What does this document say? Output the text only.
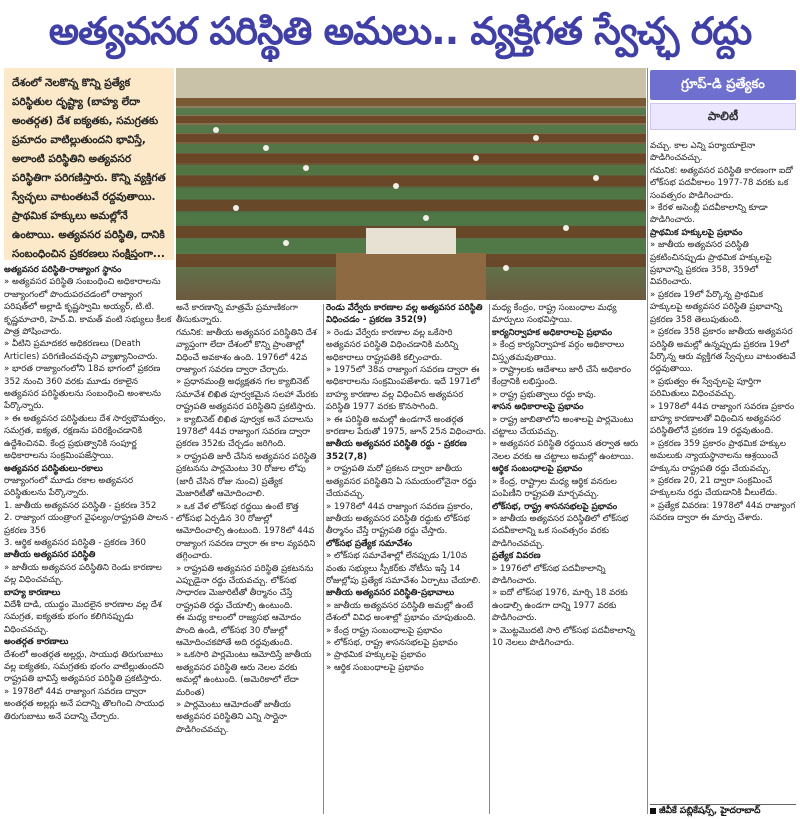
అత్యవసర పరిస్థితి అమలు.. వ్యక్తిగత స్వేచ్ఛ రద్దు
దేశంలో నెలకొన్న కొన్ని ప్రత్యేక పరిస్థితుల దృష్ట్యా (బాహ్య లేదా అంతర్గత) దేశ ఐక్యతకు, సమగ్రతకు ప్రమాదం వాటిల్లుతుందని భావిస్తే, అలాంటి పరిస్థితిని అత్యవసర పరిస్థితిగా పరిగణిస్తారు. కొన్ని వ్యక్తిగత స్వేచ్ఛలు వాటంతటవే రద్దవుతాయి. ప్రాథమిక హక్కులు అమల్లోనే ఉంటాయి. అత్యవసర పరిస్థితి, దానికి సంబంధించిన ప్రకరణలు సంక్షిప్తంగా...
గ్రూప్-డి ప్రత్యేకం
పాలిటీ

అత్యవసర పరిస్థితి-రాజ్యాంగ స్థానం

» అత్యవసర పరిస్థితి సంబంధించి అధికారాలను రాజ్యాంగంలో పొందుపరచడంలో రాజ్యాంగ పరిషత్‌లో అల్లాడి కృష్ణస్వామి అయ్యర్, టి.టి. కృష్ణమాచారి, హెచ్.వి. కామత్ వంటి సభ్యులు కీలక పాత్ర పోషించారు.

» వీటిని ప్రమాదకర అధికరణలు (Death Articles) పరిగణించవచ్చని వ్యాఖ్యానించారు.

» భారత రాజ్యాంగంలోని 18వ భాగంలో ప్రకరణ 352 నుంచి 360 వరకు మూడు రకాలైన అత్యవసర పరిస్థితులను సంబంధించి అంశాలను పేర్కొన్నారు.

» ఈ అత్యవసర పరిస్థితులు దేశ సార్వభౌమత్వం, సమగ్రత, ఐక్యత, రక్షణను పరిరక్షించడానికి ఉద్దేశించినవి. కేంద్ర ప్రభుత్వానికి సంపూర్ణ అధికారాలను సంక్రమింపజేస్తాయి.

అత్యవసర పరిస్థితులు-రకాలు

రాజ్యాంగంలో మూడు రకాల అత్యవసర పరిస్థితులను పేర్కొన్నారు.

1. జాతీయ అత్యవసర పరిస్థితి - ప్రకరణ 352

2. రాజ్యాంగ యంత్రాంగ వైఫల్యం/రాష్ట్రపతి పాలన - ప్రకరణ 356

3. ఆర్థిక అత్యవసర పరిస్థితి - ప్రకరణ 360

జాతీయ అత్యవసర పరిస్థితి

» జాతీయ అత్యవసర పరిస్థితిని రెండు కారణాల వల్ల విధించవచ్చు.

బాహ్య కారణాలు

విదేశీ దాడి, యుద్ధం మొదలైన కారణాల వల్ల దేశ సమగ్రత, ఐక్యతకు భంగం కలిగినప్పుడు విధించవచ్చు.

అంతర్గత కారణాలు

దేశంలో అంతర్గత అల్లర్లు, సాయుధ తిరుగుబాటు వల్ల ఐక్యతకు, సమగ్రతకు భంగం వాటిల్లుతుందని రాష్ట్రపతి భావిస్తే అత్యవసర పరిస్థితి ప్రకటిస్తారు.

» 1978లో 44వ రాజ్యాంగ సవరణ ద్వారా అంతర్గత అల్లర్లు అనే పదాన్ని తొలగించి సాయుధ తిరుగుబాటు అనే పదాన్ని చేర్చారు.

అనే కారణాన్ని మాత్రమే ప్రమాణికంగా తీసుకున్నారు.

గమనిక: జాతీయ అత్యవసర పరిస్థితిని దేశ వ్యాప్తంగా లేదా దేశంలో కొన్ని ప్రాంతాల్లో విధించే అవకాశం ఉంది. 1976లో 42వ రాజ్యాంగ సవరణ ద్వారా చేర్చారు.

» ప్రధానమంత్రి అధ్యక్షతన గల క్యాబినెట్ సమావేశ లిఖిత పూర్వకమైన సలహా మేరకు రాష్ట్రపతి అత్యవసర పరిస్థితిని ప్రకటిస్తారు.

» క్యాబినెట్ లిఖిత పూర్వక అనే పదాలను 1978లో 44వ రాజ్యాంగ సవరణ ద్వారా ప్రకరణ 352కు చేర్చడం జరిగింది.

» రాష్ట్రపతి జారీ చేసిన అత్యవసర పరిస్థితి ప్రకటనను పార్లమెంటు 30 రోజుల లోపు (జారీ చేసిన రోజు నుంచి) ప్రత్యేక మెజారిటీతో ఆమోదించాలి.

» ఒక వేళ లోక్‌సభ రద్దయి ఉంటే కొత్త లోక్‌సభ ఏర్పడిన 30 రోజుల్లో ఆమోదించాల్సి ఉంటుంది. 1978లో 44వ రాజ్యాంగ సవరణ ద్వారా ఈ కాల వ్యవధిని తగ్గించారు.

» రాష్ట్రపతి అత్యవసర పరిస్థితి ప్రకటనను ఎప్పుడైనా రద్దు చేయవచ్చు. లోక్‌సభ సాధారణ మెజారిటీతో తీర్మానం చేస్తే రాష్ట్రపతి రద్దు చేయాల్సి ఉంటుంది.

ఈ మధ్య కాలంలో రాజ్యసభ ఆమోదం పొంది ఉండి, లోక్‌సభ 30 రోజుల్లో ఆమోదించకపోతే అది రద్దవుతుంది.

» ఒకసారి పార్లమెంటు ఆమోదిస్తే జాతీయ అత్యవసర పరిస్థితి ఆరు నెలల వరకు అమల్లో ఉంటుంది. (అమెరికాలో లేదా మరింత)

» పార్లమెంటు ఆమోదంతో జాతీయ అత్యవసర పరిస్థితిని ఎన్ని సార్లైనా పొడిగించవచ్చు.

రెండు వేర్వేరు కారణాల వల్ల అత్యవసర పరిస్థితి విధించడం - ప్రకరణ 352(9)

» రెండు వేర్వేరు కారణాల వల్ల ఒకేసారి అత్యవసర పరిస్థితి విధించడానికి మరిన్ని అధికారాలు రాష్ట్రపతికి కల్పించారు.

» 1975లో 38వ రాజ్యాంగ సవరణ ద్వారా ఈ అధికారాలను సంక్రమింపజేశారు. ఇదే 1971లో బాహ్య కారణాల వల్ల విధించిన అత్యవసర పరిస్థితి 1977 వరకు కొనసాగింది.

» ఈ పరిస్థితి అమల్లో ఉండగానే అంతర్గత కారణాల పేరుతో 1975, జూన్ 25న విధించారు.

జాతీయ అత్యవసర పరిస్థితి రద్దు - ప్రకరణ 352(7,8)

» రాష్ట్రపతి మరో ప్రకటన ద్వారా జాతీయ అత్యవసర పరిస్థితిని ఏ సమయంలోనైనా రద్దు చేయవచ్చు.

» 1978లో 44వ రాజ్యాంగ సవరణ ప్రకారం, జాతీయ అత్యవసర పరిస్థితి రద్దుకు లోక్‌సభ తీర్మానం చేస్తే రాష్ట్రపతి రద్దు చేస్తారు.

లోక్‌సభ ప్రత్యేక సమావేశం

» లోక్‌సభ సమావేశాల్లో లేనప్పుడు 1/10వ వంతు సభ్యులు స్పీకర్‌కు నోటీసు ఇస్తే 14 రోజుల్లోపు ప్రత్యేక సమావేశం ఏర్పాటు చేయాలి.

జాతీయ అత్యవసర పరిస్థితి-ప్రభావాలు

» జాతీయ అత్యవసర పరిస్థితి అమల్లో ఉంటే దేశంలో వివిధ అంశాల్లో ప్రభావం చూపుతుంది.

» కేంద్ర రాష్ట్ర సంబంధాలపై ప్రభావం

» లోక్‌సభ, రాష్ట్ర శాసనసభలపై ప్రభావం

» ప్రాథమిక హక్కులపై ప్రభావం

» ఆర్థిక సంబంధాలపై ప్రభావం

మధ్య కేంద్రం, రాష్ట్ర సంబంధాల మధ్య మార్పులు సంభవిస్తాయి.

కార్యనిర్వాహక అధికారాలపై ప్రభావం

» కేంద్ర కార్యనిర్వాహక వర్గం అధికారాలు విస్తృతమవుతాయి.

» రాష్ట్రాలకు ఆదేశాలు జారీ చేసే అధికారం కేంద్రానికి లభిస్తుంది.

» రాష్ట్ర ప్రభుత్వాలు రద్దు కావు.

శాసన అధికారాలపై ప్రభావం

» రాష్ట్ర జాబితాలోని అంశాలపై పార్లమెంటు చట్టాలు చేయవచ్చు.

» అత్యవసర పరిస్థితి రద్దయిన తర్వాత ఆరు నెలల వరకు ఆ చట్టాలు అమల్లో ఉంటాయి.

ఆర్థిక సంబంధాలపై ప్రభావం

» కేంద్ర, రాష్ట్రాల మధ్య ఆర్థిక వనరుల పంపిణీని రాష్ట్రపతి మార్చవచ్చు.

లోక్‌సభ, రాష్ట్ర శాసనసభలపై ప్రభావం

» జాతీయ అత్యవసర పరిస్థితిలో లోక్‌సభ పదవీకాలాన్ని ఒక సంవత్సరం వరకు పొడిగించవచ్చు.

ప్రత్యేక వివరణ

» 1976లో లోక్‌సభ పదవీకాలాన్ని పొడిగించారు.

» ఐదో లోక్‌సభ 1976, మార్చి 18 వరకు ఉండాల్సి ఉండగా దాన్ని 1977 వరకు పొడిగించారు.

» మొట్టమొదటి సారి లోక్‌సభ పదవీకాలాన్ని 10 నెలలు పొడిగించారు.

వచ్చు. కాల ఎన్ని పర్యాయాలైనా పొడిగించవచ్చు.

గమనిక: అత్యవసర పరిస్థితి కారణంగా ఐదో లోక్‌సభ పదవీకాలం 1977-78 వరకు ఒక సంవత్సరం పొడిగించారు.

» కేరళ అసెంబ్లీ పదవీకాలాన్ని కూడా పొడిగించారు.

ప్రాథమిక హక్కులపై ప్రభావం

» జాతీయ అత్యవసర పరిస్థితి ప్రకటించినప్పుడు ప్రాథమిక హక్కులపై ప్రభావాన్ని ప్రకరణ 358, 359లో వివరించారు.

» ప్రకరణ 19లో పేర్కొన్న ప్రాథమిక హక్కులపై అత్యవసర పరిస్థితి ప్రభావాన్ని ప్రకరణ 358 తెలుపుతుంది.

» ప్రకరణ 358 ప్రకారం జాతీయ అత్యవసర పరిస్థితి అమల్లో ఉన్నప్పుడు ప్రకరణ 19లో పేర్కొన్న ఆరు వ్యక్తిగత స్వేచ్ఛలు వాటంతటవే రద్దవుతాయి.

» ప్రభుత్వం ఈ స్వేచ్ఛలపై పూర్తిగా పరిమితులు విధించవచ్చు.

» 1978లో 44వ రాజ్యాంగ సవరణ ప్రకారం బాహ్య కారణాలతో విధించిన అత్యవసర పరిస్థితిలోనే ప్రకరణ 19 రద్దవుతుంది.

» ప్రకరణ 359 ప్రకారం ప్రాథమిక హక్కుల అమలుకు న్యాయస్థానాలను ఆశ్రయించే హక్కును రాష్ట్రపతి రద్దు చేయవచ్చు.

» ప్రకరణ 20, 21 ద్వారా సంక్రమించే హక్కులను రద్దు చేయడానికి వీలులేదు.

» ప్రత్యేక వివరణ: 1978లో 44వ రాజ్యాంగ సవరణ ద్వారా ఈ మార్పు చేశారు.

జీవీకే పబ్లికేషన్స్, హైదరాబాద్
